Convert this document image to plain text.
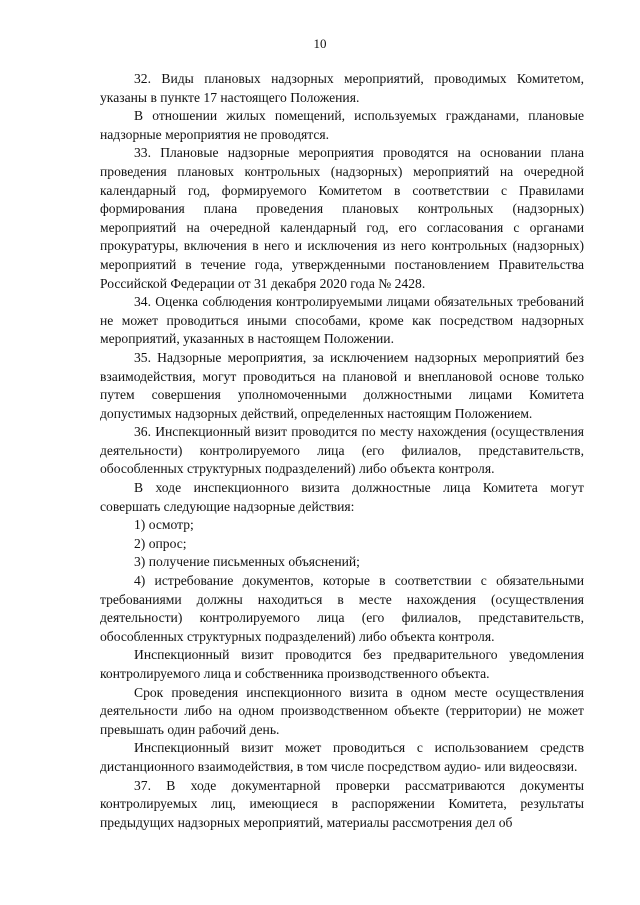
10

32. Виды плановых надзорных мероприятий, проводимых Комитетом, указаны в пункте 17 настоящего Положения.

В отношении жилых помещений, используемых гражданами, плановые надзорные мероприятия не проводятся.

33. Плановые надзорные мероприятия проводятся на основании плана проведения плановых контрольных (надзорных) мероприятий на очередной календарный год, формируемого Комитетом в соответствии с Правилами формирования плана проведения плановых контрольных (надзорных) мероприятий на очередной календарный год, его согласования с органами прокуратуры, включения в него и исключения из него контрольных (надзорных) мероприятий в течение года, утвержденными постановлением Правительства Российской Федерации от 31 декабря 2020 года № 2428.

34. Оценка соблюдения контролируемыми лицами обязательных требований не может проводиться иными способами, кроме как посредством надзорных мероприятий, указанных в настоящем Положении.

35. Надзорные мероприятия, за исключением надзорных мероприятий без взаимодействия, могут проводиться на плановой и внеплановой основе только путем совершения уполномоченными должностными лицами Комитета допустимых надзорных действий, определенных настоящим Положением.

36. Инспекционный визит проводится по месту нахождения (осуществления деятельности) контролируемого лица (его филиалов, представительств, обособленных структурных подразделений) либо объекта контроля.

В ходе инспекционного визита должностные лица Комитета могут совершать следующие надзорные действия:

1) осмотр;

2) опрос;

3) получение письменных объяснений;

4) истребование документов, которые в соответствии с обязательными требованиями должны находиться в месте нахождения (осуществления деятельности) контролируемого лица (его филиалов, представительств, обособленных структурных подразделений) либо объекта контроля.

Инспекционный визит проводится без предварительного уведомления контролируемого лица и собственника производственного объекта.

Срок проведения инспекционного визита в одном месте осуществления деятельности либо на одном производственном объекте (территории) не может превышать один рабочий день.

Инспекционный визит может проводиться с использованием средств дистанционного взаимодействия, в том числе посредством аудио- или видеосвязи.

37. В ходе документарной проверки рассматриваются документы контролируемых лиц, имеющиеся в распоряжении Комитета, результаты предыдущих надзорных мероприятий, материалы рассмотрения дел об
